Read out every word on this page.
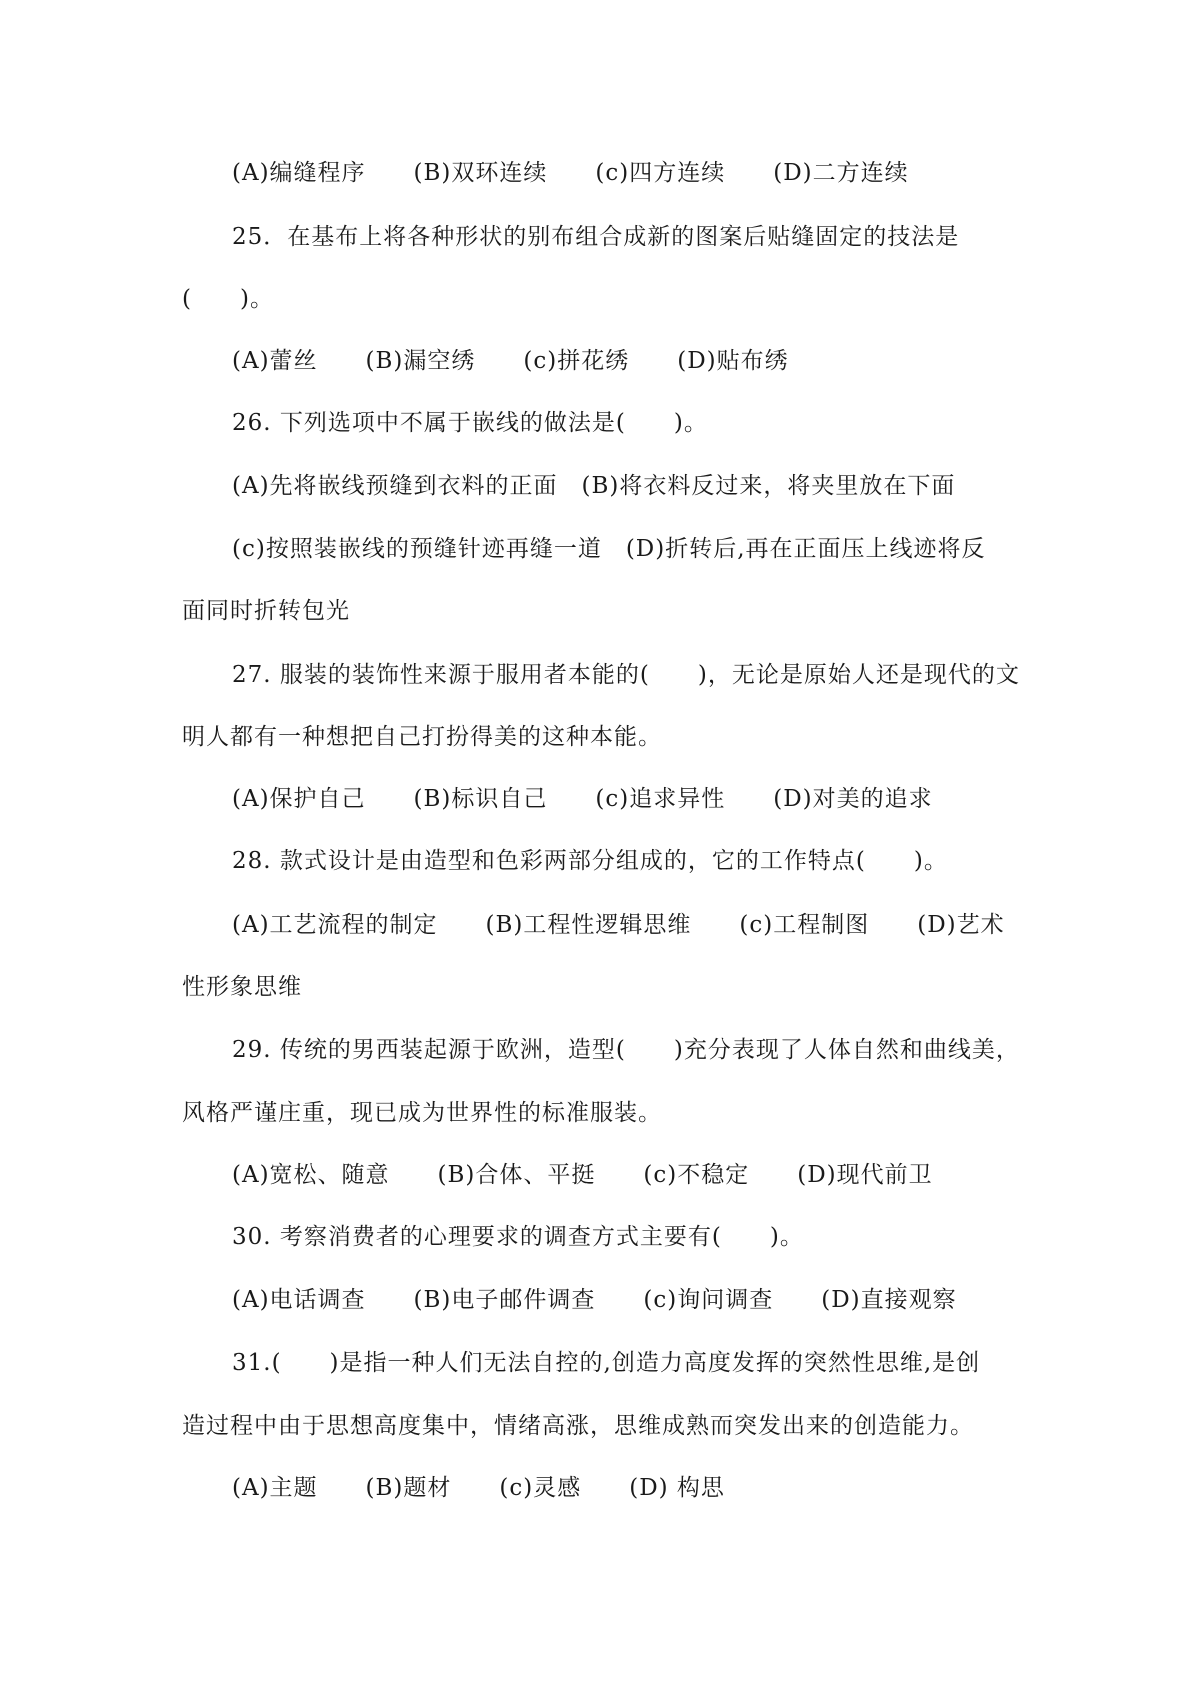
(A)编缝程序　　(B)双环连续　　(c)四方连续　　(D)二方连续
25．在基布上将各种形状的别布组合成新的图案后贴缝固定的技法是
(　　)。
(A)蕾丝　　(B)漏空绣　　(c)拼花绣　　(D)贴布绣
26. 下列选项中不属于嵌线的做法是(　　)。
(A)先将嵌线预缝到衣料的正面　(B)将衣料反过来，将夹里放在下面
(c)按照装嵌线的预缝针迹再缝一道　(D)折转后,再在正面压上线迹将反
面同时折转包光
27. 服装的装饰性来源于服用者本能的(　　)，无论是原始人还是现代的文
明人都有一种想把自己打扮得美的这种本能。
(A)保护自己　　(B)标识自己　　(c)追求异性　　(D)对美的追求
28. 款式设计是由造型和色彩两部分组成的，它的工作特点(　　)。
(A)工艺流程的制定　　(B)工程性逻辑思维　　(c)工程制图　　(D)艺术
性形象思维
29. 传统的男西装起源于欧洲，造型(　　)充分表现了人体自然和曲线美，
风格严谨庄重，现已成为世界性的标准服装。
(A)宽松、随意　　(B)合体、平挺　　(c)不稳定　　(D)现代前卫
30. 考察消费者的心理要求的调查方式主要有(　　)。
(A)电话调查　　(B)电子邮件调查　　(c)询问调查　　(D)直接观察
31.(　　)是指一种人们无法自控的,创造力高度发挥的突然性思维,是创
造过程中由于思想高度集中，情绪高涨，思维成熟而突发出来的创造能力。
(A)主题　　(B)题材　　(c)灵感　　(D) 构思
